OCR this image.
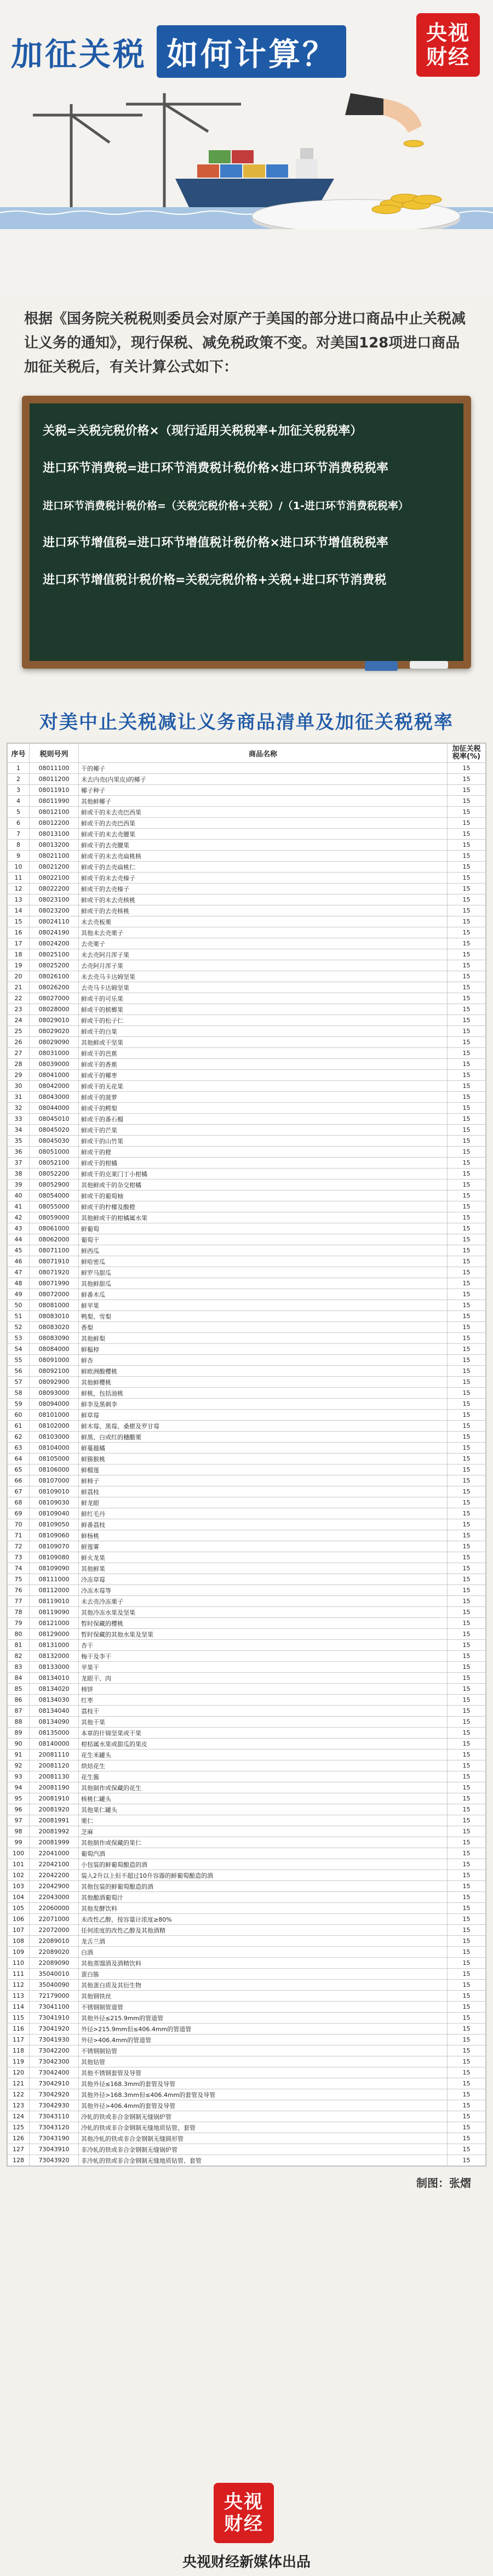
加征关税 如何计算？
央视
财经
根据《国务院关税税则委员会对原产于美国的部分进口商品中止关税减让义务的通知》，现行保税、减免税政策不变。对美国128项进口商品加征关税后，有关计算公式如下：
关税=关税完税价格×（现行适用关税税率+加征关税税率）
进口环节消费税=进口环节消费税计税价格×进口环节消费税税率
进口环节消费税计税价格=（关税完税价格+关税）/（1-进口环节消费税税率）
进口环节增值税=进口环节增值税计税价格×进口环节增值税税率
进口环节增值税计税价格=关税完税价格+关税+进口环节消费税
对美中止关税减让义务商品清单及加征关税税率
序号	税则号列	商品名称	加征关税税率(%)
1	08011100	干的椰子	15
2	08011200	未去内壳(内果皮)的椰子	15
3	08011910	椰子种子	15
4	08011990	其他鲜椰子	15
5	08012100	鲜或干的未去壳巴西果	15
6	08012200	鲜或干的去壳巴西果	15
7	08013100	鲜或干的未去壳腰果	15
8	08013200	鲜或干的去壳腰果	15
9	08021100	鲜或干的未去壳扁桃核	15
10	08021200	鲜或干的去壳扁桃仁	15
11	08022100	鲜或干的未去壳榛子	15
12	08022200	鲜或干的去壳榛子	15
13	08023100	鲜或干的未去壳核桃	15
14	08023200	鲜或干的去壳核桃	15
15	08024110	未去壳板栗	15
16	08024190	其他未去壳栗子	15
17	08024200	去壳栗子	15
18	08025100	未去壳阿月浑子果	15
19	08025200	去壳阿月浑子果	15
20	08026100	未去壳马卡达姆坚果	15
21	08026200	去壳马卡达姆坚果	15
22	08027000	鲜或干的可乐果	15
23	08028000	鲜或干的槟榔果	15
24	08029010	鲜或干的松子仁	15
25	08029020	鲜或干的白果	15
26	08029090	其他鲜或干坚果	15
27	08031000	鲜或干的芭蕉	15
28	08039000	鲜或干的香蕉	15
29	08041000	鲜或干的椰枣	15
30	08042000	鲜或干的无花果	15
31	08043000	鲜或干的菠萝	15
32	08044000	鲜或干的鳄梨	15
33	08045010	鲜或干的番石榴	15
34	08045020	鲜或干的芒果	15
35	08045030	鲜或干的山竹果	15
36	08051000	鲜或干的橙	15
37	08052100	鲜或干的柑橘	15
38	08052200	鲜或干的克莱门丁小柑橘	15
39	08052900	其他鲜或干的杂交柑橘	15
40	08054000	鲜或干的葡萄柚	15
41	08055000	鲜或干的柠檬及酸橙	15
42	08059000	其他鲜或干的柑橘属水果	15
43	08061000	鲜葡萄	15
44	08062000	葡萄干	15
45	08071100	鲜西瓜	15
46	08071910	鲜哈密瓜	15
47	08071920	鲜罗马甜瓜	15
48	08071990	其他鲜甜瓜	15
49	08072000	鲜番木瓜	15
50	08081000	鲜苹果	15
51	08083010	鸭梨、雪梨	15
52	08083020	香梨	15
53	08083090	其他鲜梨	15
54	08084000	鲜榅桲	15
55	08091000	鲜杏	15
56	08092100	鲜欧洲酸樱桃	15
57	08092900	其他鲜樱桃	15
58	08093000	鲜桃，包括油桃	15
59	08094000	鲜李及黑刺李	15
60	08101000	鲜草莓	15
61	08102000	鲜木莓、黑莓、桑椹及罗甘莓	15
62	08103000	鲜黑、白或红的穗醋栗	15
63	08104000	鲜蔓越橘	15
64	08105000	鲜猕猴桃	15
65	08106000	鲜榴莲	15
66	08107000	鲜柿子	15
67	08109010	鲜荔枝	15
68	08109030	鲜龙眼	15
69	08109040	鲜红毛丹	15
70	08109050	鲜番荔枝	15
71	08109060	鲜杨桃	15
72	08109070	鲜莲雾	15
73	08109080	鲜火龙果	15
74	08109090	其他鲜果	15
75	08111000	冷冻草莓	15
76	08112000	冷冻木莓等	15
77	08119010	未去壳冷冻栗子	15
78	08119090	其他冷冻水果及坚果	15
79	08121000	暂时保藏的樱桃	15
80	08129000	暂时保藏的其他水果及坚果	15
81	08131000	杏干	15
82	08132000	梅干及李干	15
83	08133000	苹果干	15
84	08134010	龙眼干、肉	15
85	08134020	柿饼	15
86	08134030	红枣	15
87	08134040	荔枝干	15
88	08134090	其他干果	15
89	08135000	本章的什锦坚果或干果	15
90	08140000	柑桔属水果或甜瓜的果皮	15
91	20081110	花生米罐头	15
92	20081120	烘焙花生	15
93	20081130	花生酱	15
94	20081190	其他制作或保藏的花生	15
95	20081910	核桃仁罐头	15
96	20081920	其他果仁罐头	15
97	20081991	栗仁	15
98	20081992	芝麻	15
99	20081999	其他制作或保藏的果仁	15
100	22041000	葡萄汽酒	15
101	22042100	小包装的鲜葡萄酿造的酒	15
102	22042200	装入2升以上但不超过10升容器的鲜葡萄酿造的酒	15
103	22042900	其他包装的鲜葡萄酿造的酒	15
104	22043000	其他酿酒葡萄汁	15
105	22060000	其他发酵饮料	15
106	22071000	未改性乙醇，按容量计浓度≥80%	15
107	22072000	任何浓度的改性乙醇及其他酒精	15
108	22089010	龙舌兰酒	15
109	22089020	白酒	15
110	22089090	其他蒸馏酒及酒精饮料	15
111	35040010	蛋白胨	15
112	35040090	其他蛋白质及其衍生物	15
113	72179000	其他钢铁丝	15
114	73041100	不锈钢制管道管	15
115	73041910	其他外径≤215.9mm的管道管	15
116	73041920	外径>215.9mm但≤406.4mm的管道管	15
117	73041930	外径>406.4mm的管道管	15
118	73042200	不锈钢制钻管	15
119	73042300	其他钻管	15
120	73042400	其他不锈钢套管及导管	15
121	73042910	其他外径≤168.3mm的套管及导管	15
122	73042920	其他外径>168.3mm但≤406.4mm的套管及导管	15
123	73042930	其他外径>406.4mm的套管及导管	15
124	73043110	冷轧的铁或非合金钢制无缝锅炉管	15
125	73043120	冷轧的铁或非合金钢制无缝地质钻管、套管	15
126	73043190	其他冷轧的铁或非合金钢制无缝圆形管	15
127	73043910	非冷轧的铁或非合金钢制无缝锅炉管	15
128	73043920	非冷轧的铁或非合金钢制无缝地质钻管、套管	15
制图：张熠
央视
财经
央视财经新媒体出品
